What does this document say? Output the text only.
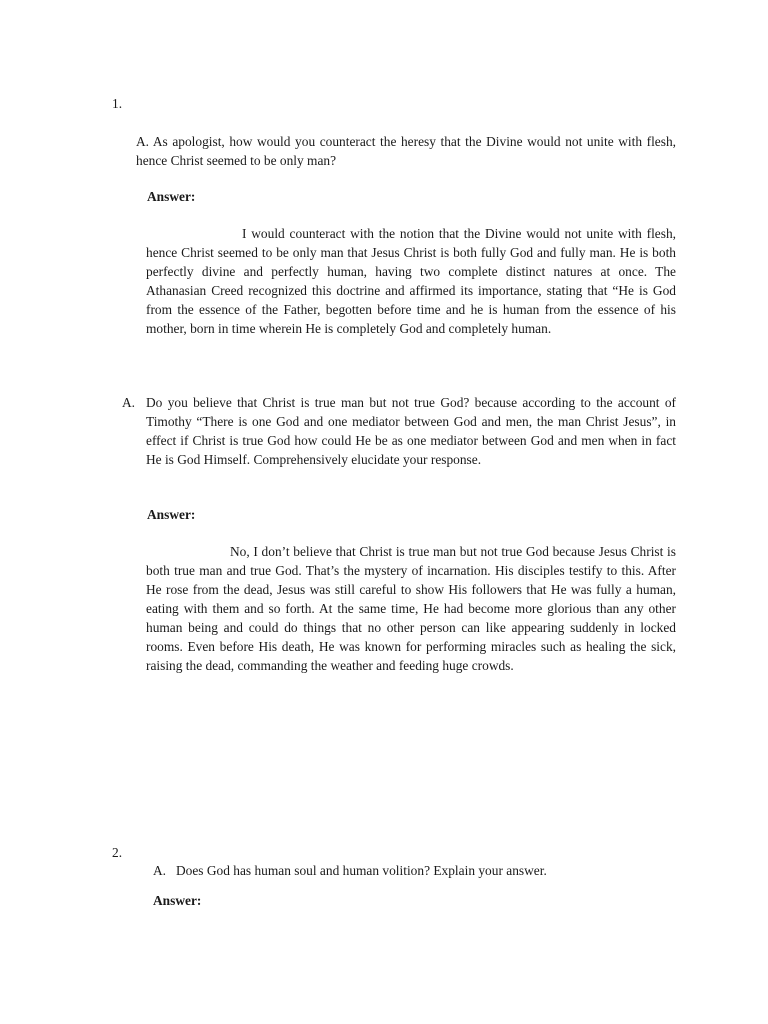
1.

A. As apologist, how would you counteract the heresy that the Divine would not unite with flesh, hence Christ seemed to be only man?

Answer:

I would counteract with the notion that the Divine would not unite with flesh, hence Christ seemed to be only man that Jesus Christ is both fully God and fully man. He is both perfectly divine and perfectly human, having two complete distinct natures at once. The Athanasian Creed recognized this doctrine and affirmed its importance, stating that “He is God from the essence of the Father, begotten before time and he is human from the essence of his mother, born in time wherein He is completely God and completely human.

A. Do you believe that Christ is true man but not true God? because according to the account of Timothy “There is one God and one mediator between God and men, the man Christ Jesus”, in effect if Christ is true God how could He be as one mediator between God and men when in fact He is God Himself. Comprehensively elucidate your response.

Answer:

No, I don’t believe that Christ is true man but not true God because Jesus Christ is both true man and true God. That’s the mystery of incarnation. His disciples testify to this. After He rose from the dead, Jesus was still careful to show His followers that He was fully a human, eating with them and so forth. At the same time, He had become more glorious than any other human being and could do things that no other person can like appearing suddenly in locked rooms. Even before His death, He was known for performing miracles such as healing the sick, raising the dead, commanding the weather and feeding huge crowds.

2.
A. Does God has human soul and human volition? Explain your answer.
Answer:
